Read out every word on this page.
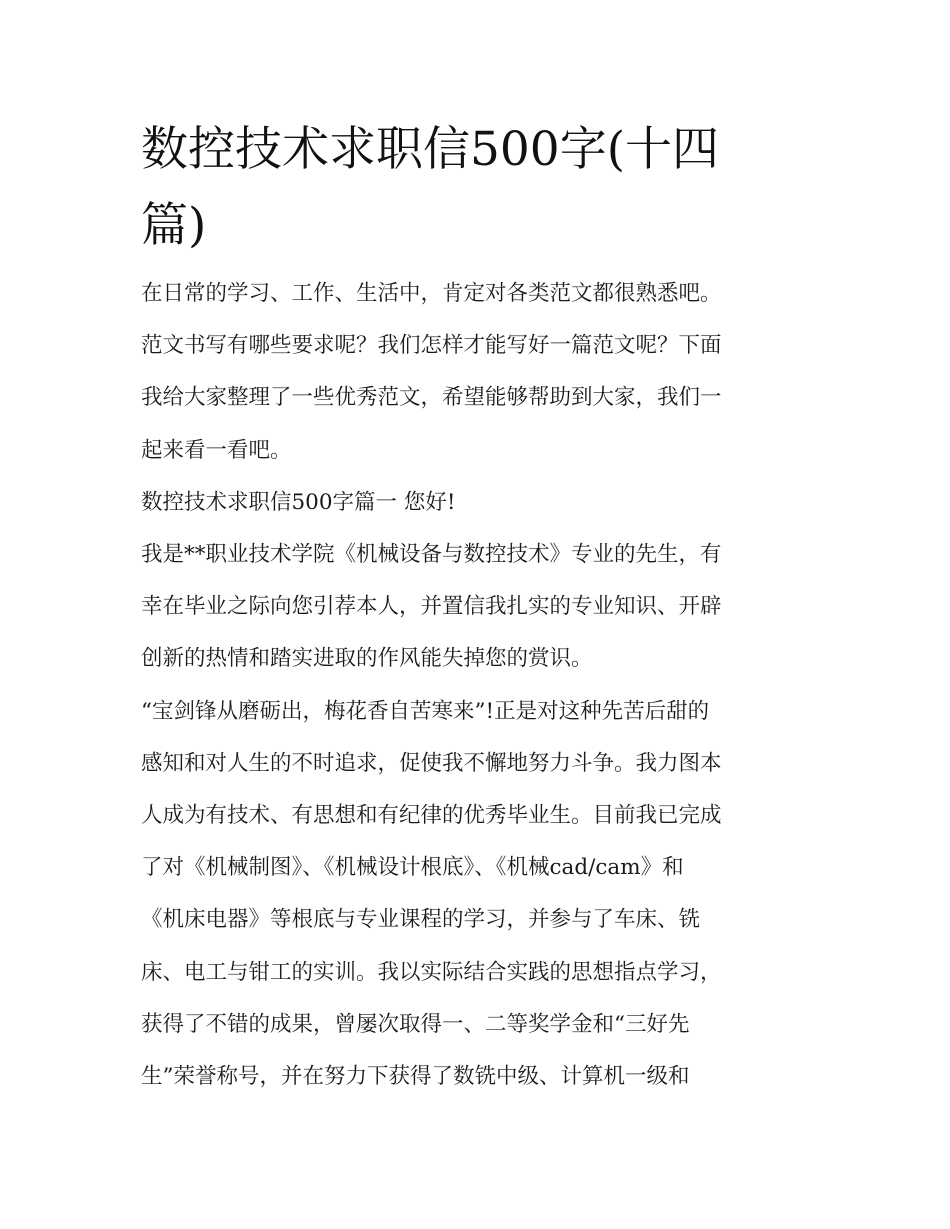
数控技术求职信500字(十四
篇)

在日常的学习、工作、生活中，肯定对各类范文都很熟悉吧。
范文书写有哪些要求呢？我们怎样才能写好一篇范文呢？下面
我给大家整理了一些优秀范文，希望能够帮助到大家，我们一
起来看一看吧。

数控技术求职信500字篇一 您好!

我是**职业技术学院《机械设备与数控技术》专业的先生，有
幸在毕业之际向您引荐本人，并置信我扎实的专业知识、开辟
创新的热情和踏实进取的作风能失掉您的赏识。

“宝剑锋从磨砺出，梅花香自苦寒来”!正是对这种先苦后甜的
感知和对人生的不时追求，促使我不懈地努力斗争。我力图本
人成为有技术、有思想和有纪律的优秀毕业生。目前我已完成
了对《机械制图》、《机械设计根底》、《机械cad/cam》和
《机床电器》等根底与专业课程的学习，并参与了车床、铣
床、电工与钳工的实训。我以实际结合实践的思想指点学习，
获得了不错的成果，曾屡次取得一、二等奖学金和“三好先
生”荣誉称号，并在努力下获得了数铣中级、计算机一级和
